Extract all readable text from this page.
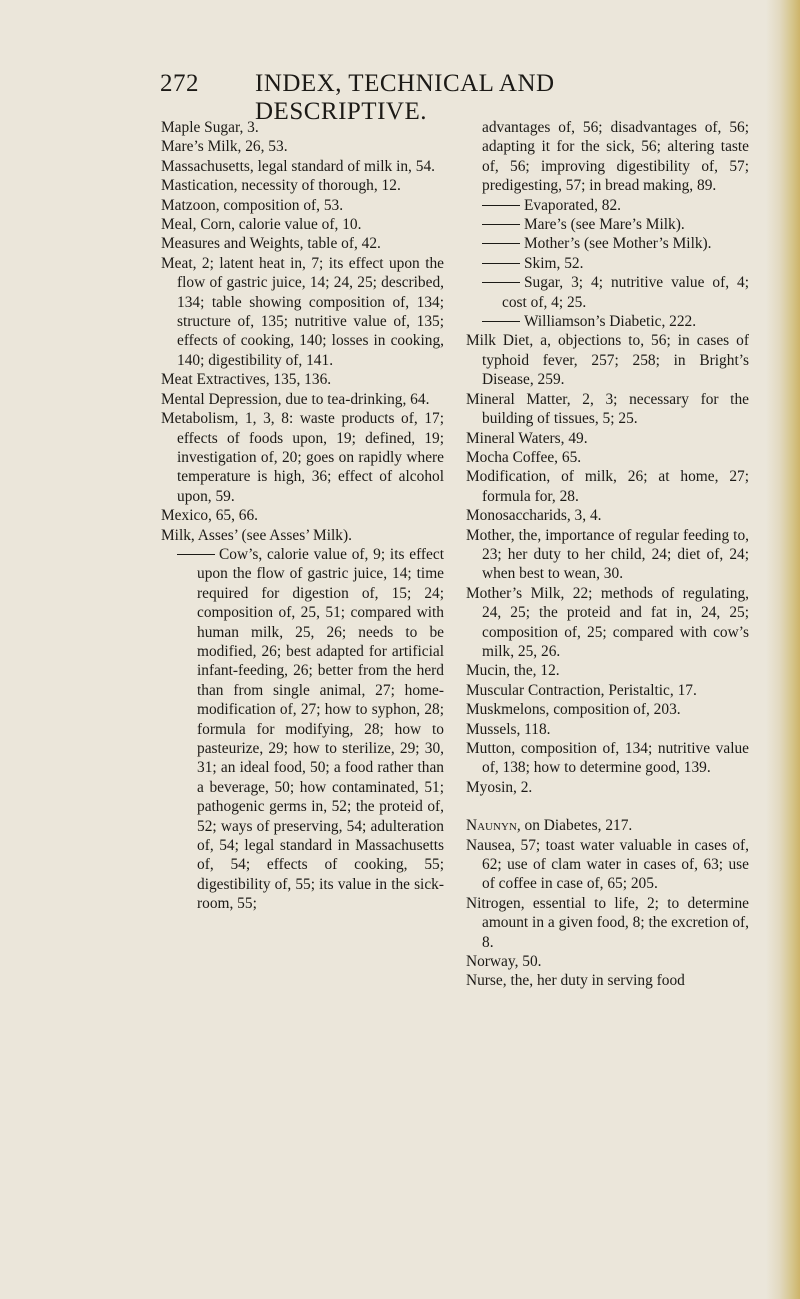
272 INDEX, TECHNICAL AND DESCRIPTIVE.

Maple Sugar, 3.

Mare’s Milk, 26, 53.

Massachusetts, legal standard of milk in, 54.

Mastication, necessity of thorough, 12.

Matzoon, composition of, 53.

Meal, Corn, calorie value of, 10.

Measures and Weights, table of, 42.

Meat, 2; latent heat in, 7; its effect upon the flow of gastric juice, 14; 24, 25; described, 134; table showing composition of, 134; structure of, 135; nutritive value of, 135; effects of cooking, 140; losses in cooking, 140; digestibility of, 141.

Meat Extractives, 135, 136.

Mental Depression, due to tea-drinking, 64.

Metabolism, 1, 3, 8: waste products of, 17; effects of foods upon, 19; defined, 19; investigation of, 20; goes on rapidly where temperature is high, 36; effect of alcohol upon, 59.

Mexico, 65, 66.

Milk, Asses’ (see Asses’ Milk).

Cow’s, calorie value of, 9; its effect upon the flow of gastric juice, 14; time required for digestion of, 15; 24; composition of, 25, 51; compared with human milk, 25, 26; needs to be modified, 26; best adapted for artificial infant-feeding, 26; better from the herd than from single animal, 27; home-modification of, 27; how to syphon, 28; formula for modifying, 28; how to pasteurize, 29; how to sterilize, 29; 30, 31; an ideal food, 50; a food rather than a beverage, 50; how contaminated, 51; pathogenic germs in, 52; the proteid of, 52; ways of preserving, 54; adulteration of, 54; legal standard in Massachusetts of, 54; effects of cooking, 55; digestibility of, 55; its value in the sick-room, 55;

advantages of, 56; disadvantages of, 56; adapting it for the sick, 56; altering taste of, 56; improving digestibility of, 57; predigesting, 57; in bread making, 89.

Evaporated, 82.

Mare’s (see Mare’s Milk).

Mother’s (see Mother’s Milk).

Skim, 52.

Sugar, 3; 4; nutritive value of, 4; cost of, 4; 25.

Williamson’s Diabetic, 222.

Milk Diet, a, objections to, 56; in cases of typhoid fever, 257; 258; in Bright’s Disease, 259.

Mineral Matter, 2, 3; necessary for the building of tissues, 5; 25.

Mineral Waters, 49.

Mocha Coffee, 65.

Modification, of milk, 26; at home, 27; formula for, 28.

Monosaccharids, 3, 4.

Mother, the, importance of regular feeding to, 23; her duty to her child, 24; diet of, 24; when best to wean, 30.

Mother’s Milk, 22; methods of regulating, 24, 25; the proteid and fat in, 24, 25; composition of, 25; compared with cow’s milk, 25, 26.

Mucin, the, 12.

Muscular Contraction, Peristaltic, 17.

Muskmelons, composition of, 203.

Mussels, 118.

Mutton, composition of, 134; nutritive value of, 138; how to determine good, 139.

Myosin, 2.

Naunyn, on Diabetes, 217.

Nausea, 57; toast water valuable in cases of, 62; use of clam water in cases of, 63; use of coffee in case of, 65; 205.

Nitrogen, essential to life, 2; to determine amount in a given food, 8; the excretion of, 8.

Norway, 50.

Nurse, the, her duty in serving food
